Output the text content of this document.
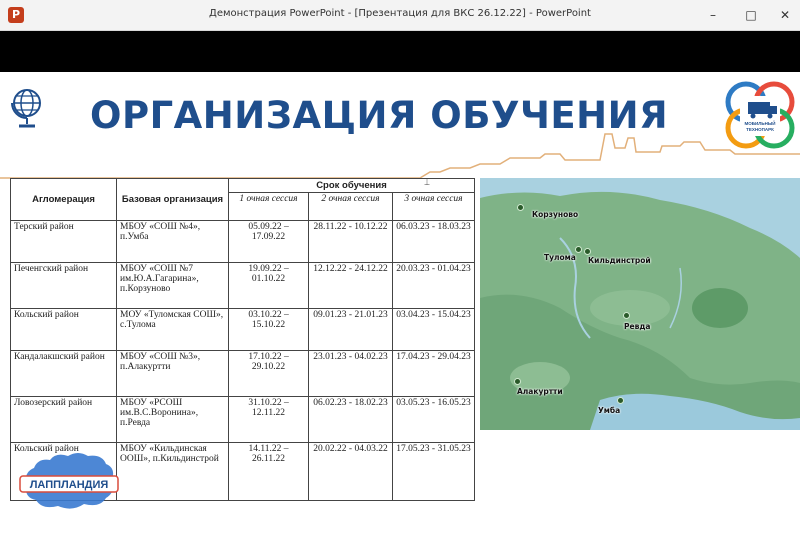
P	Демонстрация PowerPoint - [Презентация для ВКС 26.12.22] - PowerPoint	–	□	✕
ОРГАНИЗАЦИЯ ОБУЧЕНИЯ	МОБИЛЬНЫЙ
ТЕХНОПАРК
⌶
Агломерация	Базовая организация	Срок обучения		
		1 очная сессия	2 очная сессия	3 очная сессия
Терский район	МБОУ «СОШ №4», п.Умба	05.09.22 – 17.09.22	28.11.22 - 10.12.22	06.03.23 - 18.03.23
Печенгский район	МБОУ «СОШ №7 им.Ю.А.Гагарина», п.Корзуново	19.09.22 – 01.10.22	12.12.22 - 24.12.22	20.03.23 - 01.04.23
Кольский район	МОУ «Туломская СОШ», с.Тулома	03.10.22 – 15.10.22	09.01.23 - 21.01.23	03.04.23 - 15.04.23
Кандалакшский район	МБОУ «СОШ №3», п.Алакуртти	17.10.22 – 29.10.22	23.01.23 - 04.02.23	17.04.23 - 29.04.23
Ловозерский район	МБОУ «РСОШ им.В.С.Воронина», п.Ревда	31.10.22 – 12.11.22	06.02.23 - 18.02.23	03.05.23 - 16.05.23
Кольский район	МБОУ «Кильдинская ООШ», п.Кильдинстрой	14.11.22 – 26.11.22	20.02.22 - 04.03.22	17.05.23 - 31.05.23
ЛАППЛАНДИЯ
Корзуново
Тулома Кильдинстрой
Ревда
Алакуртти
Умба
